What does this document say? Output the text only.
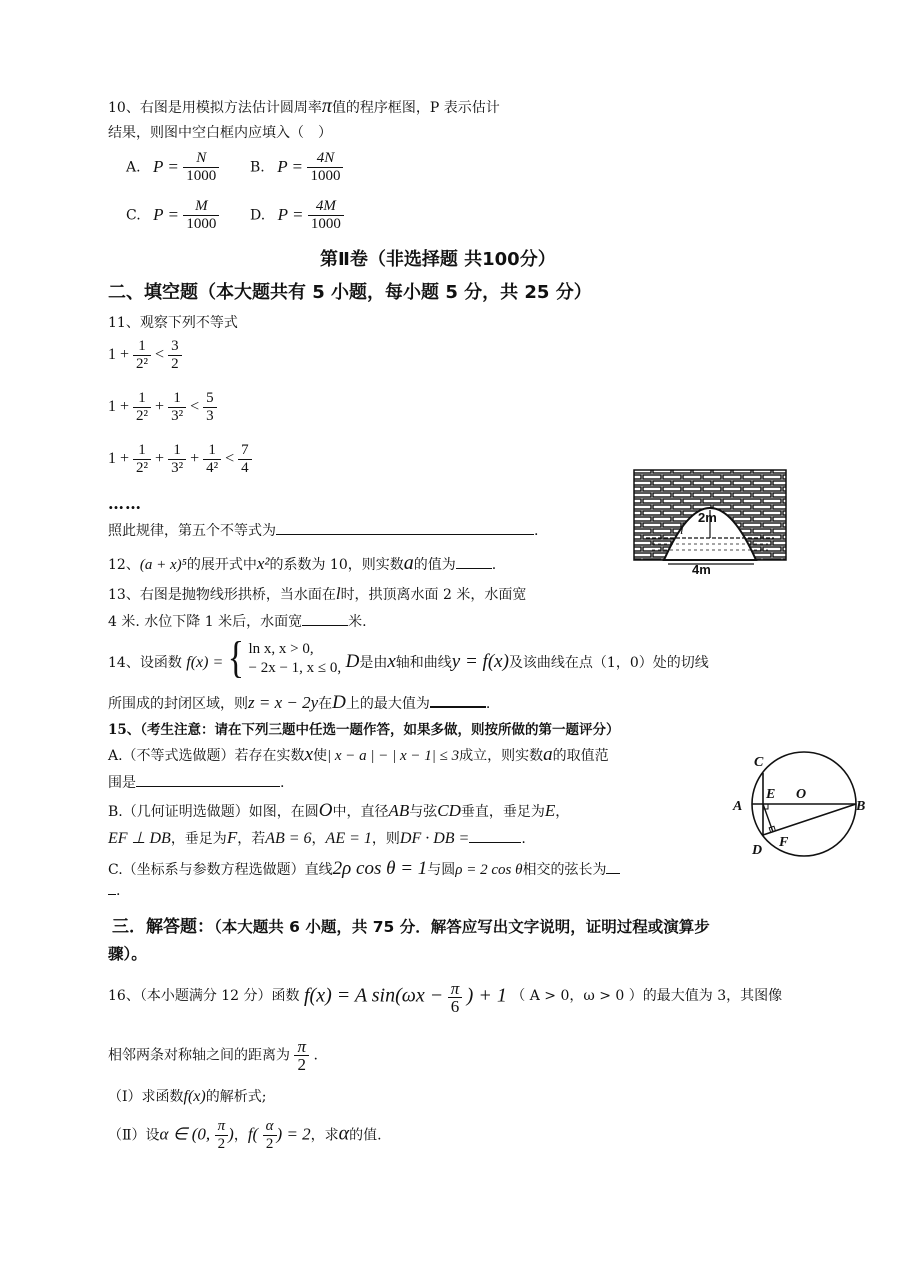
10、右图是用模拟方法估计圆周率π值的程序框图，P 表示估计
结果，则图中空白框内应填入（　）
A. $P = \frac{N}{1000} B$. $P = \frac{4N}{1000}$
C. $P = \frac{M}{1000} D$. $P = \frac{4M}{1000}$
第Ⅱ卷（非选择题 共100分）
二、填空题（本大题共有 5 小题，每小题 5 分，共 25 分）
11、观察下列不等式
$1 + \frac{1}{\text{2²}} < \frac{3}{2}$
$1 + \frac{1}{\text{2²}} + \frac{1}{\text{3²}} < \frac{5}{3}$
$1 + \frac{1}{\text{2²}} + \frac{1}{\text{3²}} + \frac{1}{\text{4²}} < \frac{7}{4}$
……
照此规律，第五个不等式为	.
12、(a + x)⁵的展开式中x²的系数为 10，则实数a的值为	.
13、右图是抛物线形拱桥，当水面在l时，拱顶离水面 2 米，水面宽
4 米. 水位下降 1 米后，水面宽	米.
2m
4m
l
14、设函数 f(x) = { ln x, x > 0,
− 2x − 1, x ≤ 0, D是由x轴和曲线y = f(x)及该曲线在点（1，0）处的切线
所围成的封闭区域，则z = x − 2y在D上的最大值为	.
15、（考生注意：请在下列三题中任选一题作答，如果多做，则按所做的第一题评分）
A.（不等式选做题）若存在实数x使| x − a | − | x − 1| ≤ 3成立，则实数a的取值范
围是	.
B.（几何证明选做题）如图，在圆O中，直径AB与弦CD垂直，垂足为E，
EF ⊥ DB，垂足为F，若AB = 6，AE = 1，则DF · DB =	.
C.（坐标系与参数方程选做题）直线2ρ cos θ = 1与圆ρ = 2 cos θ相交的弦长为
.
C
A
E O
B
D
F
三．解答题：（本大题共 6 小题，共 75 分．解答应写出文字说明，证明过程或演算步
骤）。
16、（本小题满分 12 分）函数 f(x) = A $\sin(\omega x - \frac{\pi}{6}$ ) + 1 （ A > 0，ω > 0 ）的最大值为 3，其图像
相邻两条对称轴之间的距离为 $\frac{\pi}{2}$ .
（Ⅰ）求函数f(x)的解析式;
（Ⅱ）设α ∈ (0, $\frac{\pi}{2}$ )，$f( \frac{\alpha}{2}$ ) = 2，求α的值.
